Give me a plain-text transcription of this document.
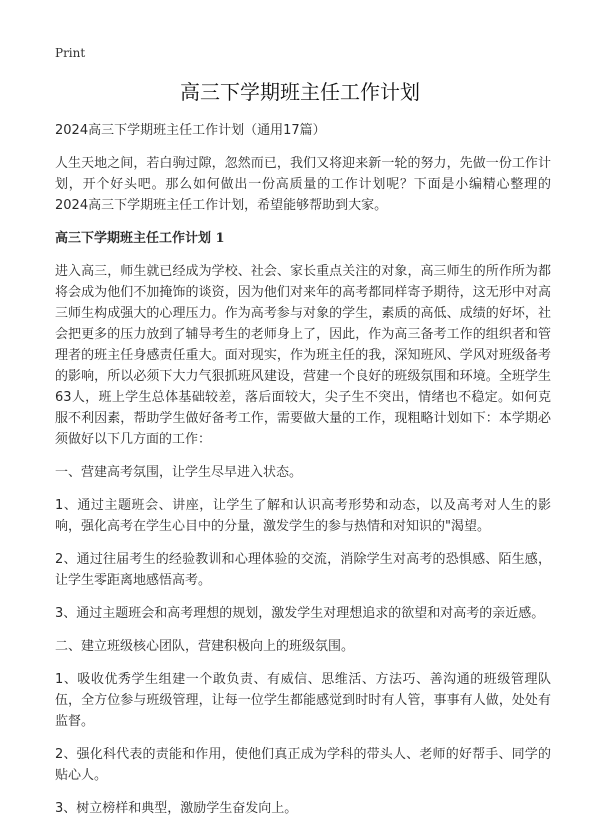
Print
高三下学期班主任工作计划

2024高三下学期班主任工作计划（通用17篇）

人生天地之间，若白驹过隙，忽然而已，我们又将迎来新一轮的努力，先做一份工作计划，开个好头吧。那么如何做出一份高质量的工作计划呢？下面是小编精心整理的2024高三下学期班主任工作计划，希望能够帮助到大家。

高三下学期班主任工作计划 1

进入高三，师生就已经成为学校、社会、家长重点关注的对象，高三师生的所作所为都将会成为他们不加掩饰的谈资，因为他们对来年的高考都同样寄予期待，这无形中对高三师生构成强大的心理压力。作为高考参与对象的学生，素质的高低、成绩的好坏，社会把更多的压力放到了辅导考生的老师身上了，因此，作为高三备考工作的组织者和管理者的班主任身感责任重大。面对现实，作为班主任的我，深知班风、学风对班级备考的影响，所以必须下大力气狠抓班风建设，营建一个良好的班级氛围和环境。全班学生63人，班上学生总体基础较差，落后面较大，尖子生不突出，情绪也不稳定。如何克服不利因素，帮助学生做好备考工作，需要做大量的工作，现粗略计划如下：本学期必须做好以下几方面的工作：

一、营建高考氛围，让学生尽早进入状态。

1、通过主题班会、讲座，让学生了解和认识高考形势和动态，以及高考对人生的影响，强化高考在学生心目中的分量，激发学生的参与热情和对知识的"渴望。

2、通过往届考生的经验教训和心理体验的交流，消除学生对高考的恐惧感、陌生感，让学生零距离地感悟高考。

3、通过主题班会和高考理想的规划，激发学生对理想追求的欲望和对高考的亲近感。

二、建立班级核心团队，营建积极向上的班级氛围。

1、吸收优秀学生组建一个敢负责、有威信、思维活、方法巧、善沟通的班级管理队伍，全方位参与班级管理，让每一位学生都能感觉到时时有人管，事事有人做，处处有监督。

2、强化科代表的责能和作用，使他们真正成为学科的带头人、老师的好帮手、同学的贴心人。

3、树立榜样和典型，激励学生奋发向上。
